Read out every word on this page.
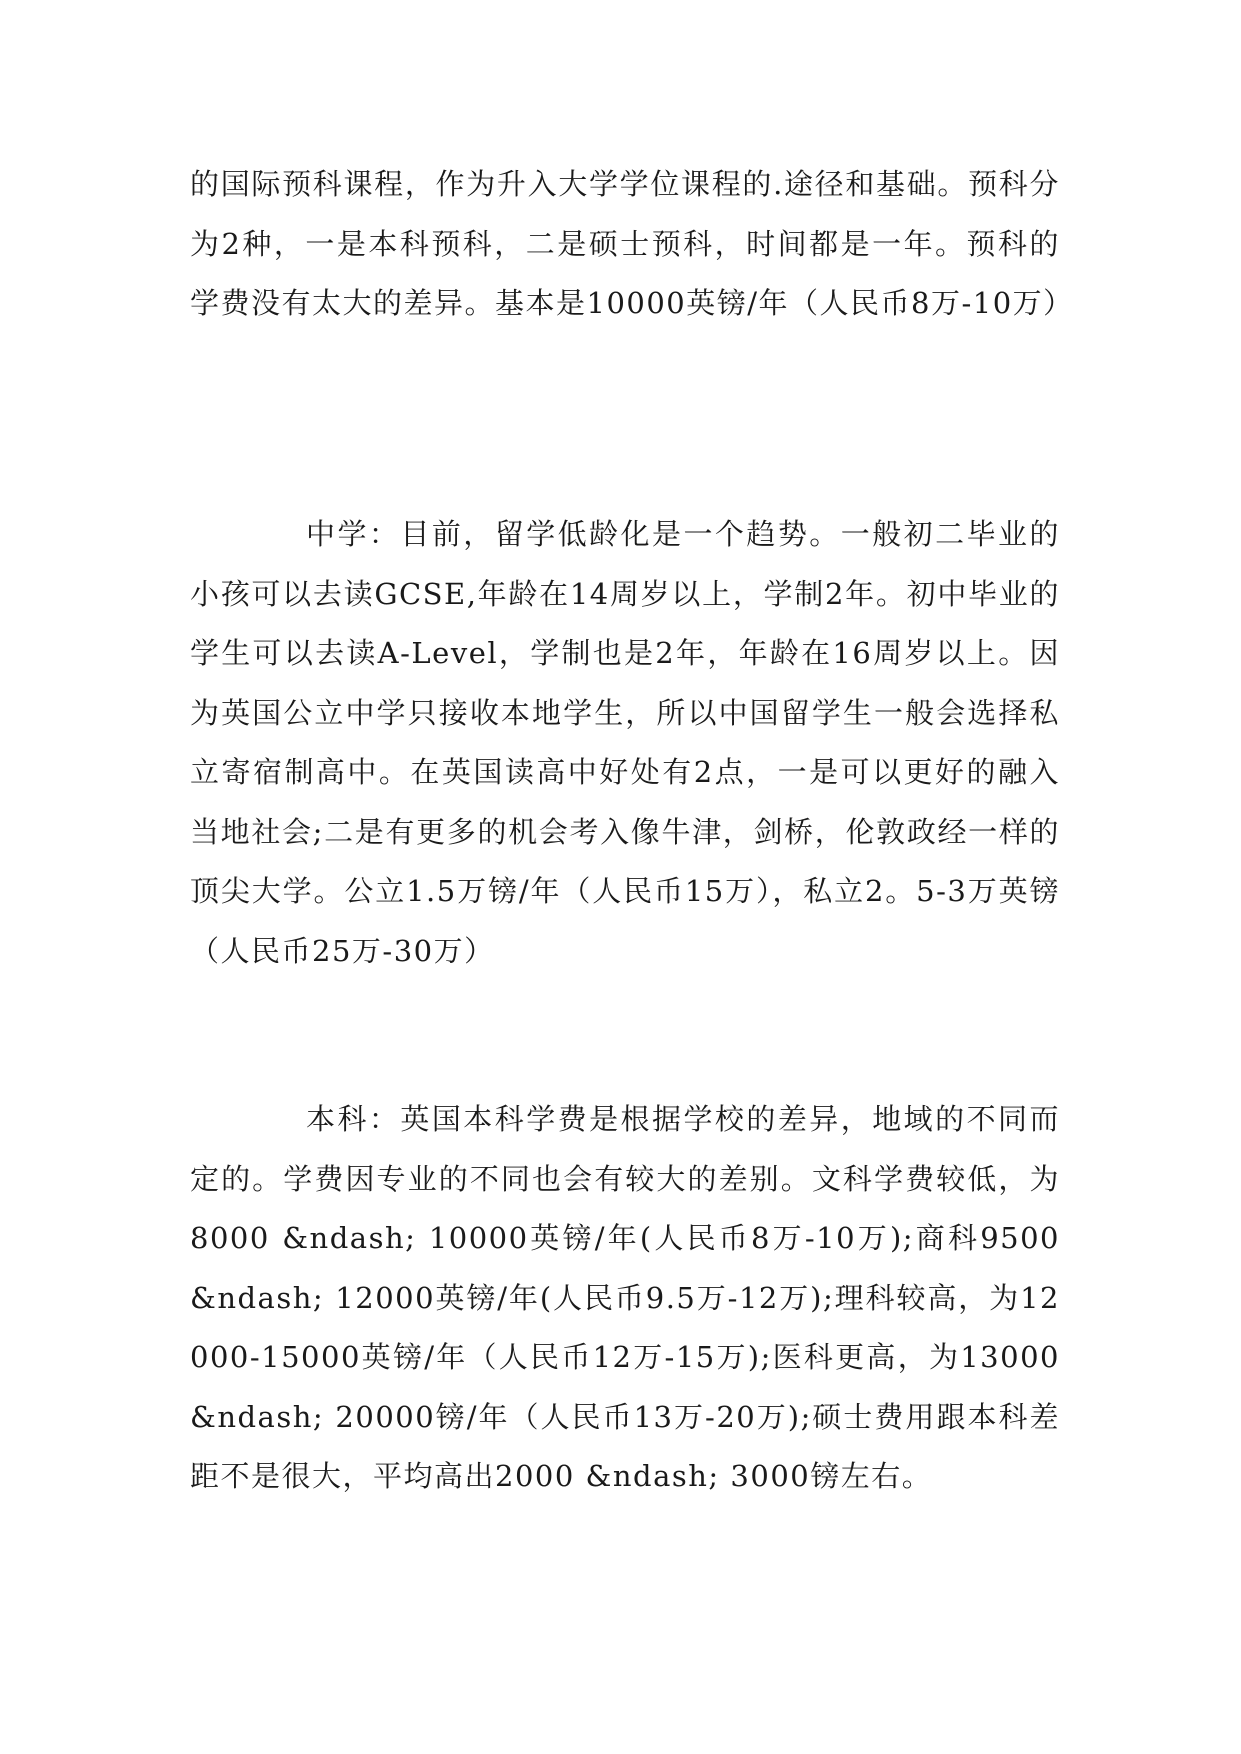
的国际预科课程，作为升入大学学位课程的.途径和基础。预科分为2种，一是本科预科，二是硕士预科，时间都是一年。预科的学费没有太大的差异。基本是10000英镑/年（人民币8万-10万）

中学：目前，留学低龄化是一个趋势。一般初二毕业的小孩可以去读GCSE,年龄在14周岁以上，学制2年。初中毕业的学生可以去读A-Level，学制也是2年，年龄在16周岁以上。因为英国公立中学只接收本地学生，所以中国留学生一般会选择私立寄宿制高中。在英国读高中好处有2点，一是可以更好的融入当地社会;二是有更多的机会考入像牛津，剑桥，伦敦政经一样的顶尖大学。公立1.5万镑/年（人民币15万），私立2。5-3万英镑（人民币25万-30万）

本科：英国本科学费是根据学校的差异，地域的不同而定的。学费因专业的不同也会有较大的差别。文科学费较低，为8000 &ndash; 10000英镑/年(人民币8万-10万);商科9500 &ndash; 12000英镑/年(人民币9.5万-12万);理科较高，为12000-15000英镑/年（人民币12万-15万);医科更高，为13000 &ndash; 20000镑/年（人民币13万-20万);硕士费用跟本科差距不是很大，平均高出2000 &ndash; 3000镑左右。
